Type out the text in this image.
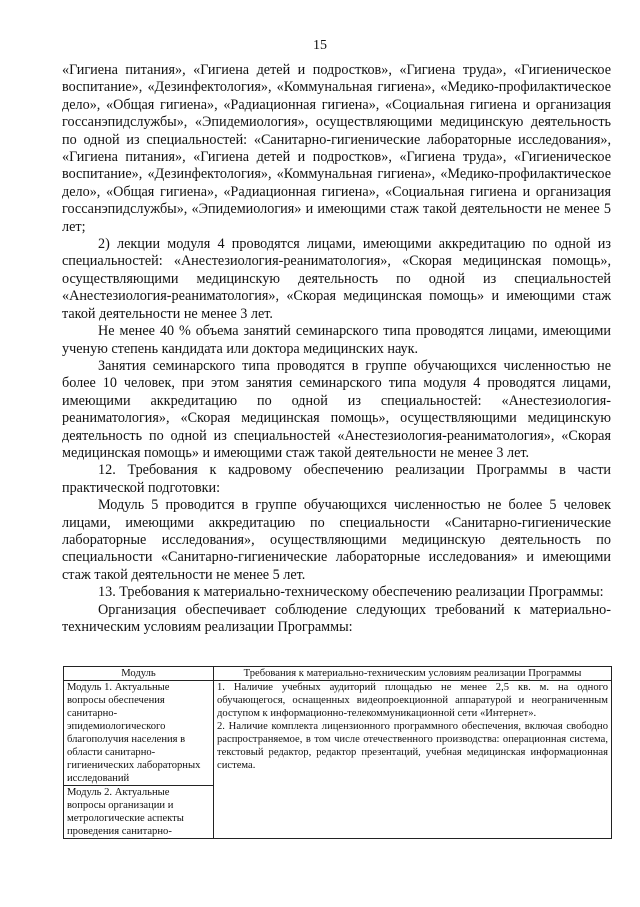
15

«Гигиена питания», «Гигиена детей и подростков», «Гигиена труда», «Гигиеническое воспитание», «Дезинфектология», «Коммунальная гигиена», «Медико-профилактическое дело», «Общая гигиена», «Радиационная гигиена», «Социальная гигиена и организация госсанэпидслужбы», «Эпидемиология», осуществляющими медицинскую деятельность по одной из специальностей: «Санитарно-гигиенические лабораторные исследования», «Гигиена питания», «Гигиена детей и подростков», «Гигиена труда», «Гигиеническое воспитание», «Дезинфектология», «Коммунальная гигиена», «Медико-профилактическое дело», «Общая гигиена», «Радиационная гигиена», «Социальная гигиена и организация госсанэпидслужбы», «Эпидемиология» и имеющими стаж такой деятельности не менее 5 лет;

2) лекции модуля 4 проводятся лицами, имеющими аккредитацию по одной из специальностей: «Анестезиология-реаниматология», «Скорая медицинская помощь», осуществляющими медицинскую деятельность по одной из специальностей «Анестезиология-реаниматология», «Скорая медицинская помощь» и имеющими стаж такой деятельности не менее 3 лет.

Не менее 40 % объема занятий семинарского типа проводятся лицами, имеющими ученую степень кандидата или доктора медицинских наук.

Занятия семинарского типа проводятся в группе обучающихся численностью не более 10 человек, при этом занятия семинарского типа модуля 4 проводятся лицами, имеющими аккредитацию по одной из специальностей: «Анестезиология-реаниматология», «Скорая медицинская помощь», осуществляющими медицинскую деятельность по одной из специальностей «Анестезиология-реаниматология», «Скорая медицинская помощь» и имеющими стаж такой деятельности не менее 3 лет.

12. Требования к кадровому обеспечению реализации Программы в части практической подготовки:

Модуль 5 проводится в группе обучающихся численностью не более 5 человек лицами, имеющими аккредитацию по специальности «Санитарно-гигиенические лабораторные исследования», осуществляющими медицинскую деятельность по специальности «Санитарно-гигиенические лабораторные исследования» и имеющими стаж такой деятельности не менее 5 лет.

13. Требования к материально-техническому обеспечению реализации Программы:

Организация обеспечивает соблюдение следующих требований к материально-техническим условиям реализации Программы:

Модуль	Требования к материально-техническим условиям реализации Программы
Модуль 1. Актуальные вопросы обеспечения санитарно-эпидемиологического благополучия населения в области санитарно-гигиенических лабораторных исследований	1. Наличие учебных аудиторий площадью не менее 2,5 кв. м. на одного обучающегося, оснащенных видеопроекционной аппаратурой и неограниченным доступом к информационно-телекоммуникационной сети «Интернет».

2. Наличие комплекта лицензионного программного обеспечения, включая свободно распространяемое, в том числе отечественного производства: операционная система, текстовый редактор, редактор презентаций, учебная медицинская информационная система.

Модуль 2. Актуальные вопросы организации и метрологические аспекты проведения санитарно-	
